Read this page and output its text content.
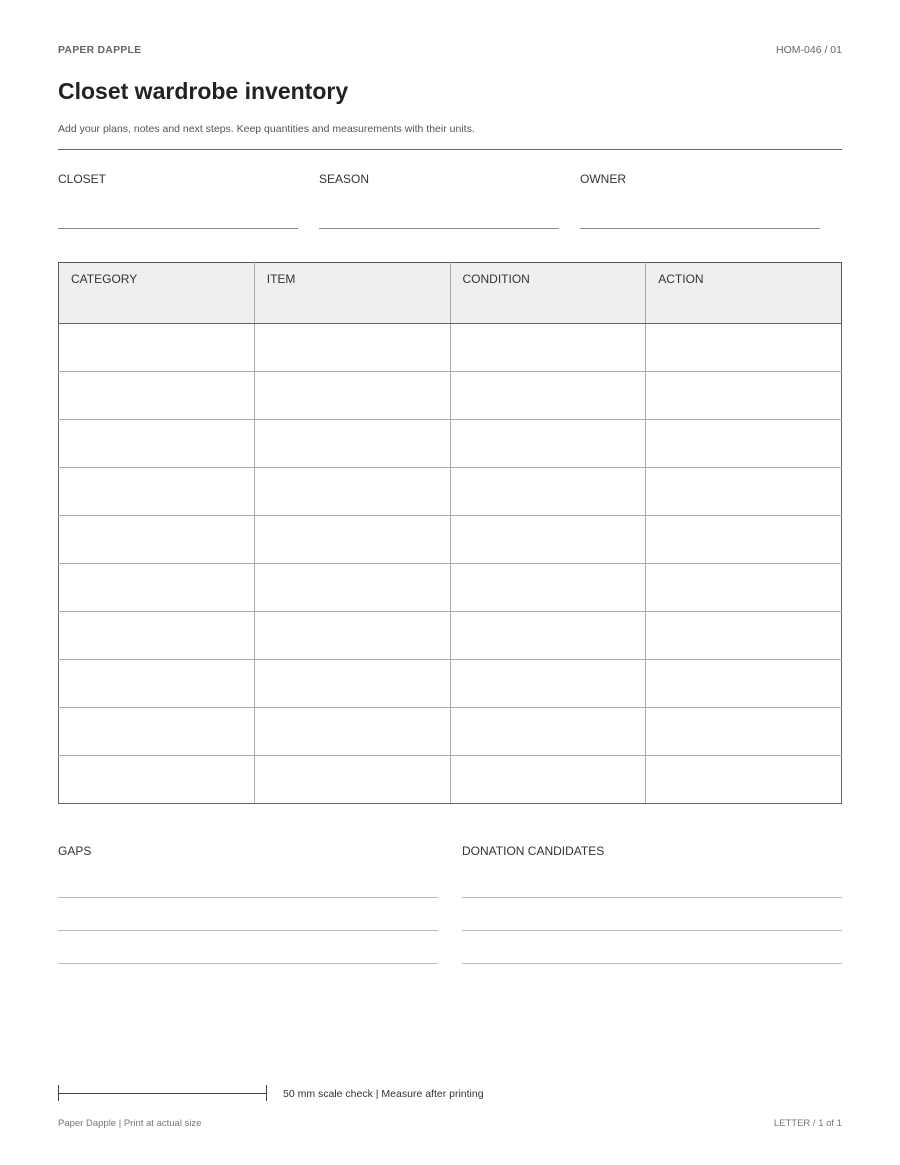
PAPER DAPPLE	HOM-046 / 01
Closet wardrobe inventory
Add your plans, notes and next steps. Keep quantities and measurements with their units.
CLOSET	SEASON	OWNER
CATEGORY	ITEM	CONDITION	ACTION

GAPS	DONATION CANDIDATES
50 mm scale check | Measure after printing
Paper Dapple | Print at actual size	LETTER / 1 of 1
